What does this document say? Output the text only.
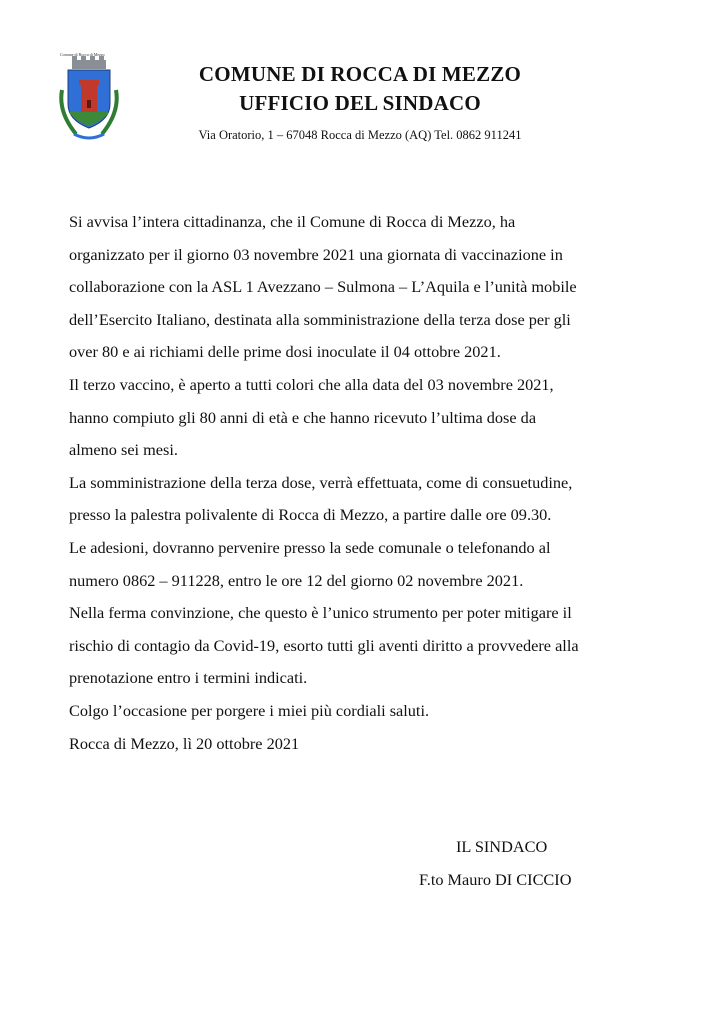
Comune di Rocca di Mezzo
COMUNE DI ROCCA DI MEZZO
UFFICIO DEL SINDACO
Via Oratorio, 1 – 67048 Rocca di Mezzo (AQ) Tel. 0862 911241

Si avvisa l’intera cittadinanza, che il Comune di Rocca di Mezzo, ha

organizzato per il giorno 03 novembre 2021 una giornata di vaccinazione in

collaborazione con la ASL 1 Avezzano – Sulmona – L’Aquila e l’unità mobile

dell’Esercito Italiano, destinata alla somministrazione della terza dose per gli

over 80 e ai richiami delle prime dosi inoculate il 04 ottobre 2021.

Il terzo vaccino, è aperto a tutti colori che alla data del 03 novembre 2021,

hanno compiuto gli 80 anni di età e che hanno ricevuto l’ultima dose da

almeno sei mesi.

La somministrazione della terza dose, verrà effettuata, come di consuetudine,

presso la palestra polivalente di Rocca di Mezzo, a partire dalle ore 09.30.

Le adesioni, dovranno pervenire presso la sede comunale o telefonando al

numero 0862 – 911228, entro le ore 12 del giorno 02 novembre 2021.

Nella ferma convinzione, che questo è l’unico strumento per poter mitigare il

rischio di contagio da Covid-19, esorto tutti gli aventi diritto a provvedere alla

prenotazione entro i termini indicati.

Colgo l’occasione per porgere i miei più cordiali saluti.

Rocca di Mezzo, lì 20 ottobre 2021

IL SINDACO
F.to Mauro DI CICCIO
